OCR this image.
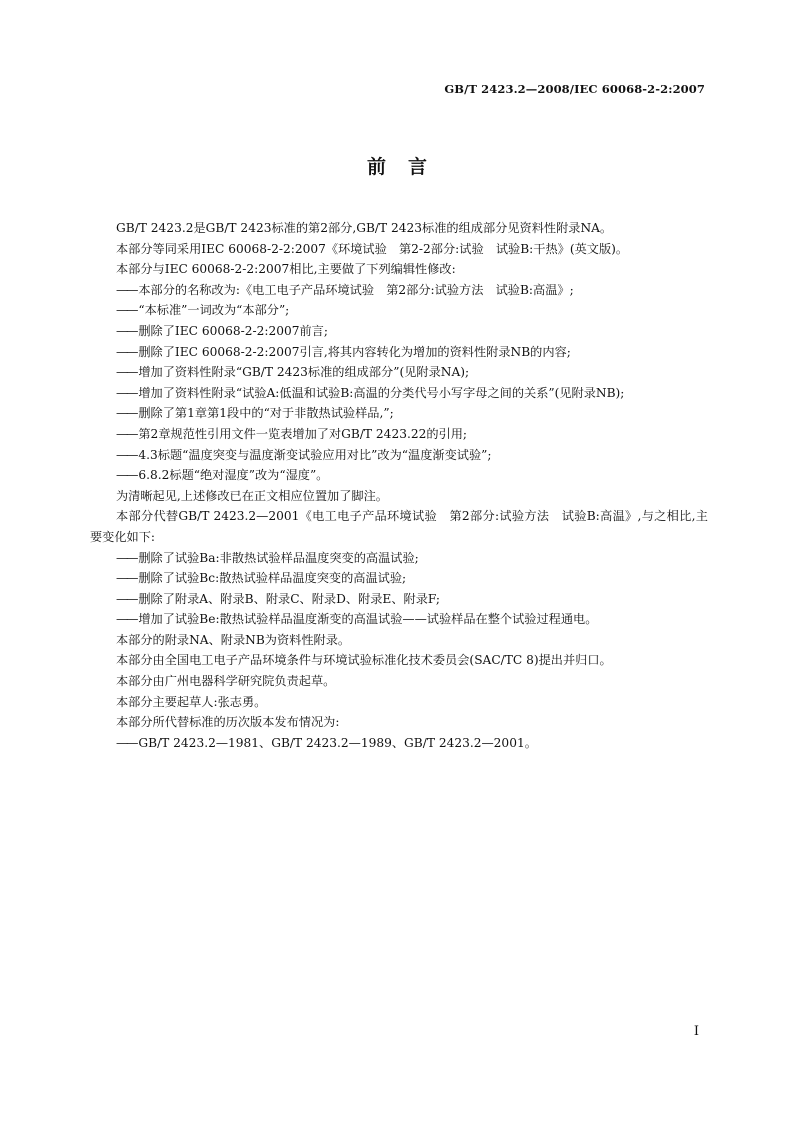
GB/T 2423.2—2008/IEC 60068-2-2:2007
前言

GB/T 2423.2是GB/T 2423标准的第2部分,GB/T 2423标准的组成部分见资料性附录NA。

本部分等同采用IEC 60068-2-2:2007《环境试验　第2-2部分:试验　试验B:干热》(英文版)。

本部分与IEC 60068-2-2:2007相比,主要做了下列编辑性修改:

—— 本部分的名称改为:《电工电子产品环境试验　第2部分:试验方法　试验B:高温》;

—— “本标准”一词改为“本部分”;

—— 删除了IEC 60068-2-2:2007前言;

—— 删除了IEC 60068-2-2:2007引言,将其内容转化为增加的资料性附录NB的内容;

—— 增加了资料性附录“GB/T 2423标准的组成部分”(见附录NA);

—— 增加了资料性附录“试验A:低温和试验B:高温的分类代号小写字母之间的关系”(见附录NB);

—— 删除了第1章第1段中的“对于非散热试验样品,”;

—— 第2章规范性引用文件一览表增加了对GB/T 2423.22的引用;

—— 4.3标题“温度突变与温度渐变试验应用对比”改为“温度渐变试验”;

—— 6.8.2标题“绝对湿度”改为“湿度”。

为清晰起见,上述修改已在正文相应位置加了脚注。

本部分代替GB/T 2423.2—2001《电工电子产品环境试验　第2部分:试验方法　试验B:高温》,与之相比,主要变化如下:

—— 删除了试验Ba:非散热试验样品温度突变的高温试验;

—— 删除了试验Bc:散热试验样品温度突变的高温试验;

—— 删除了附录A、附录B、附录C、附录D、附录E、附录F;

—— 增加了试验Be:散热试验样品温度渐变的高温试验——试验样品在整个试验过程通电。

本部分的附录NA、附录NB为资料性附录。

本部分由全国电工电子产品环境条件与环境试验标准化技术委员会(SAC/TC 8)提出并归口。

本部分由广州电器科学研究院负责起草。

本部分主要起草人:张志勇。

本部分所代替标准的历次版本发布情况为:

—— GB/T 2423.2—1981、GB/T 2423.2—1989、GB/T 2423.2—2001。

I
